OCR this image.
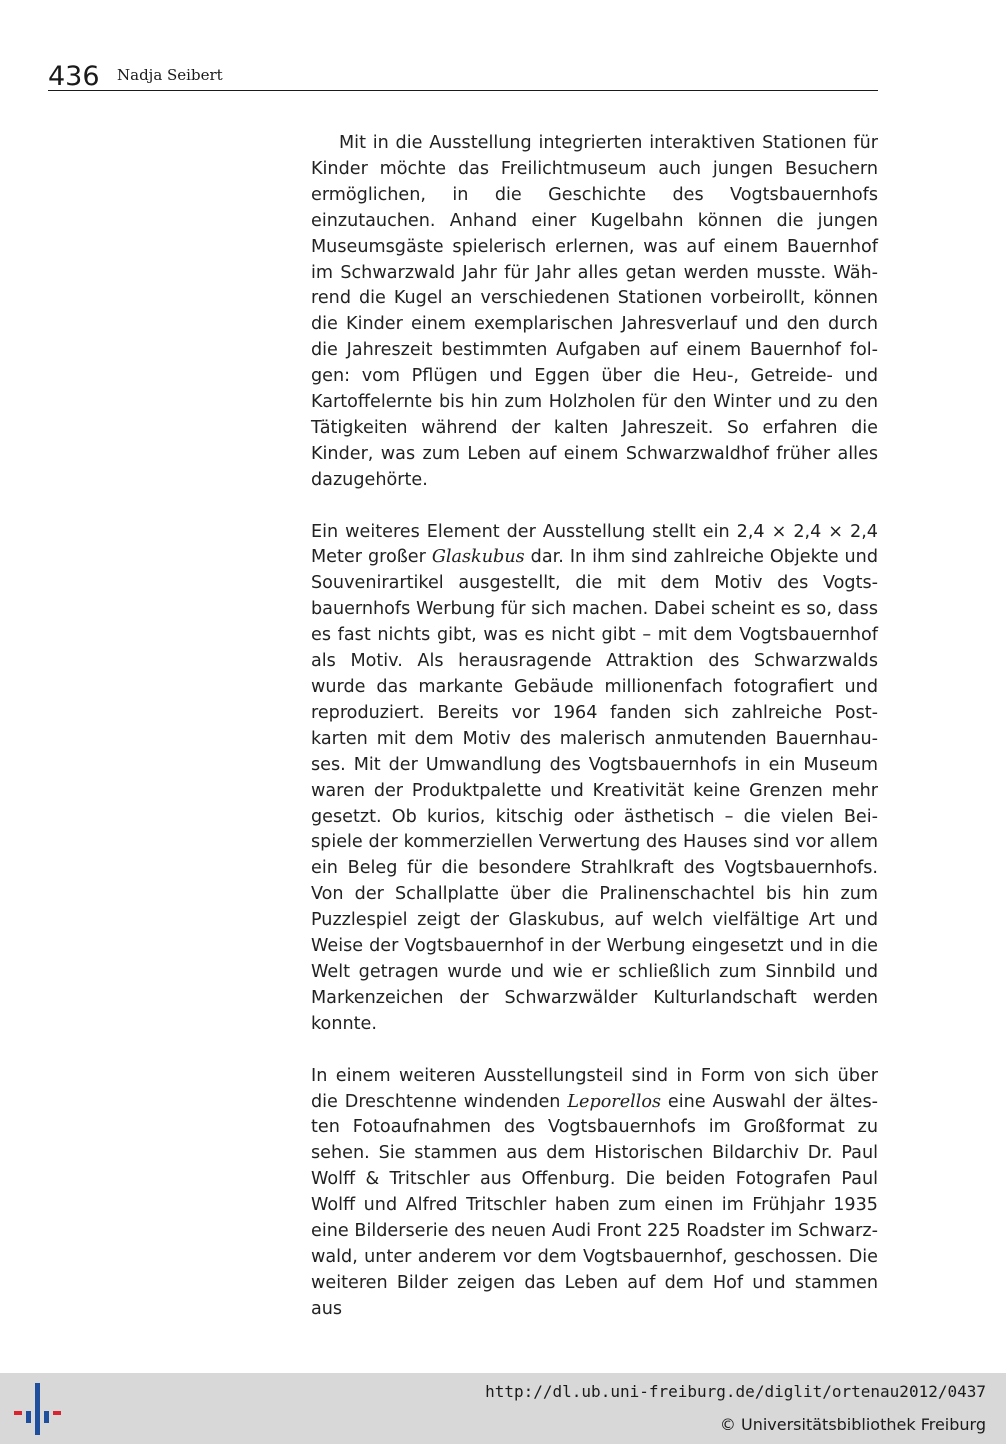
436 Nadja Seibert

Mit in die Ausstellung integrierten interaktiven Stationen für Kinder möchte das Freilichtmuseum auch jungen Besuchern ermöglichen, in die Geschichte des Vogtsbauernhofs einzutauchen. Anhand einer Kugelbahn können die jungen Museumsgäste spielerisch erlernen, was auf einem Bauernhof im Schwarzwald Jahr für Jahr alles getan werden musste. Während die Kugel an verschiedenen Stationen vorbeirollt, können die Kinder einem exemplarischen Jahresverlauf und den durch die Jahreszeit bestimmten Aufgaben auf einem Bauernhof folgen: vom Pflügen und Eggen über die Heu-, Getreide- und Kartoffelernte bis hin zum Holzholen für den Winter und zu den Tätigkeiten während der kalten Jahreszeit. So erfahren die Kinder, was zum Leben auf einem Schwarzwaldhof früher alles dazugehörte.

Ein weiteres Element der Ausstellung stellt ein 2,4 × 2,4 × 2,4 Meter großer Glaskubus dar. In ihm sind zahlreiche Objekte und Souvenirartikel ausgestellt, die mit dem Motiv des Vogtsbauernhofs Werbung für sich machen. Dabei scheint es so, dass es fast nichts gibt, was es nicht gibt – mit dem Vogtsbauernhof als Motiv. Als herausragende Attraktion des Schwarzwalds wurde das markante Gebäude millionenfach fotografiert und reproduziert. Bereits vor 1964 fanden sich zahlreiche Postkarten mit dem Motiv des malerisch anmutenden Bauernhauses. Mit der Umwandlung des Vogtsbauernhofs in ein Museum waren der Produktpalette und Kreativität keine Grenzen mehr gesetzt. Ob kurios, kitschig oder ästhetisch – die vielen Beispiele der kommerziellen Verwertung des Hauses sind vor allem ein Beleg für die besondere Strahlkraft des Vogtsbauernhofs. Von der Schallplatte über die Pralinenschachtel bis hin zum Puzzlespiel zeigt der Glaskubus, auf welch vielfältige Art und Weise der Vogtsbauernhof in der Werbung eingesetzt und in die Welt getragen wurde und wie er schließlich zum Sinnbild und Markenzeichen der Schwarzwälder Kulturlandschaft werden konnte.

In einem weiteren Ausstellungsteil sind in Form von sich über die Dreschtenne windenden Leporellos eine Auswahl der ältesten Fotoaufnahmen des Vogtsbauernhofs im Großformat zu sehen. Sie stammen aus dem Historischen Bildarchiv Dr. Paul Wolff & Tritschler aus Offenburg. Die beiden Fotografen Paul Wolff und Alfred Tritschler haben zum einen im Frühjahr 1935 eine Bilderserie des neuen Audi Front 225 Roadster im Schwarzwald, unter anderem vor dem Vogtsbauernhof, geschossen. Die weiteren Bilder zeigen das Leben auf dem Hof und stammen aus

http://dl.ub.uni-freiburg.de/diglit/ortenau2012/0437
© Universitätsbibliothek Freiburg
